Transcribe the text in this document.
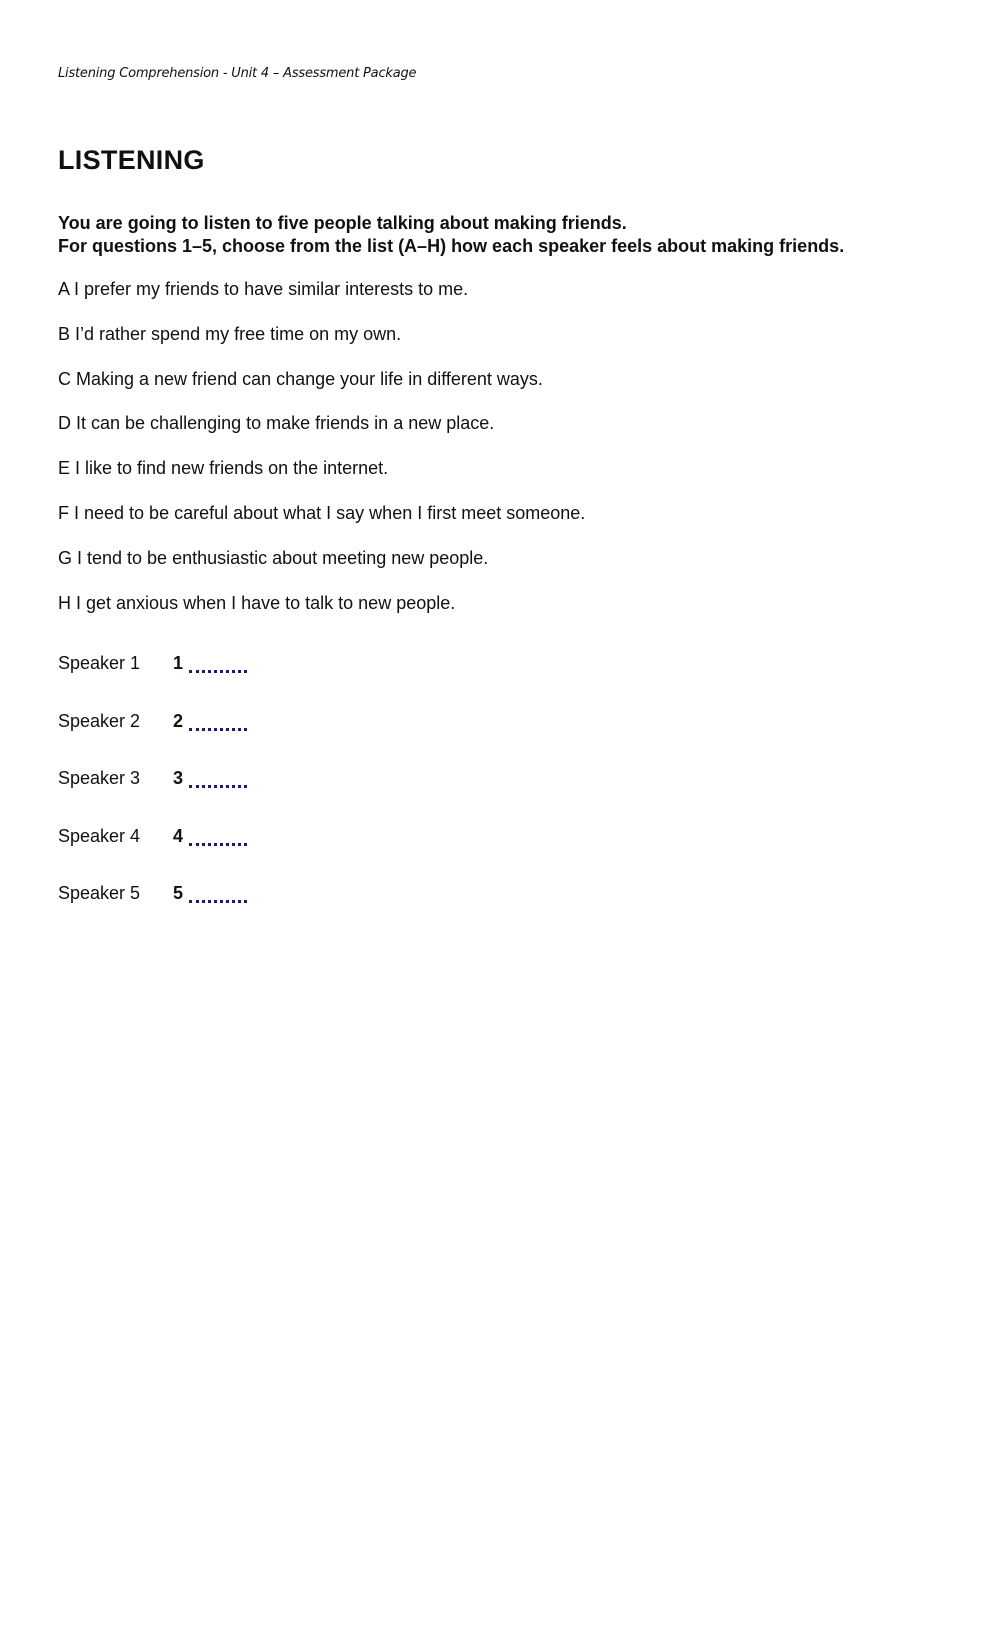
Listening Comprehension - Unit 4 – Assessment Package
LISTENING
You are going to listen to five people talking about making friends.
For questions 1–5, choose from the list (A–H) how each speaker feels about making friends.
A I prefer my friends to have similar interests to me.
B I’d rather spend my free time on my own.
C Making a new friend can change your life in different ways.
D It can be challenging to make friends in a new place.
E I like to find new friends on the internet.
F I need to be careful about what I say when I first meet someone.
G I tend to be enthusiastic about meeting new people.
H I get anxious when I have to talk to new people.
Speaker 1	1
Speaker 2	2
Speaker 3	3
Speaker 4	4
Speaker 5	5
